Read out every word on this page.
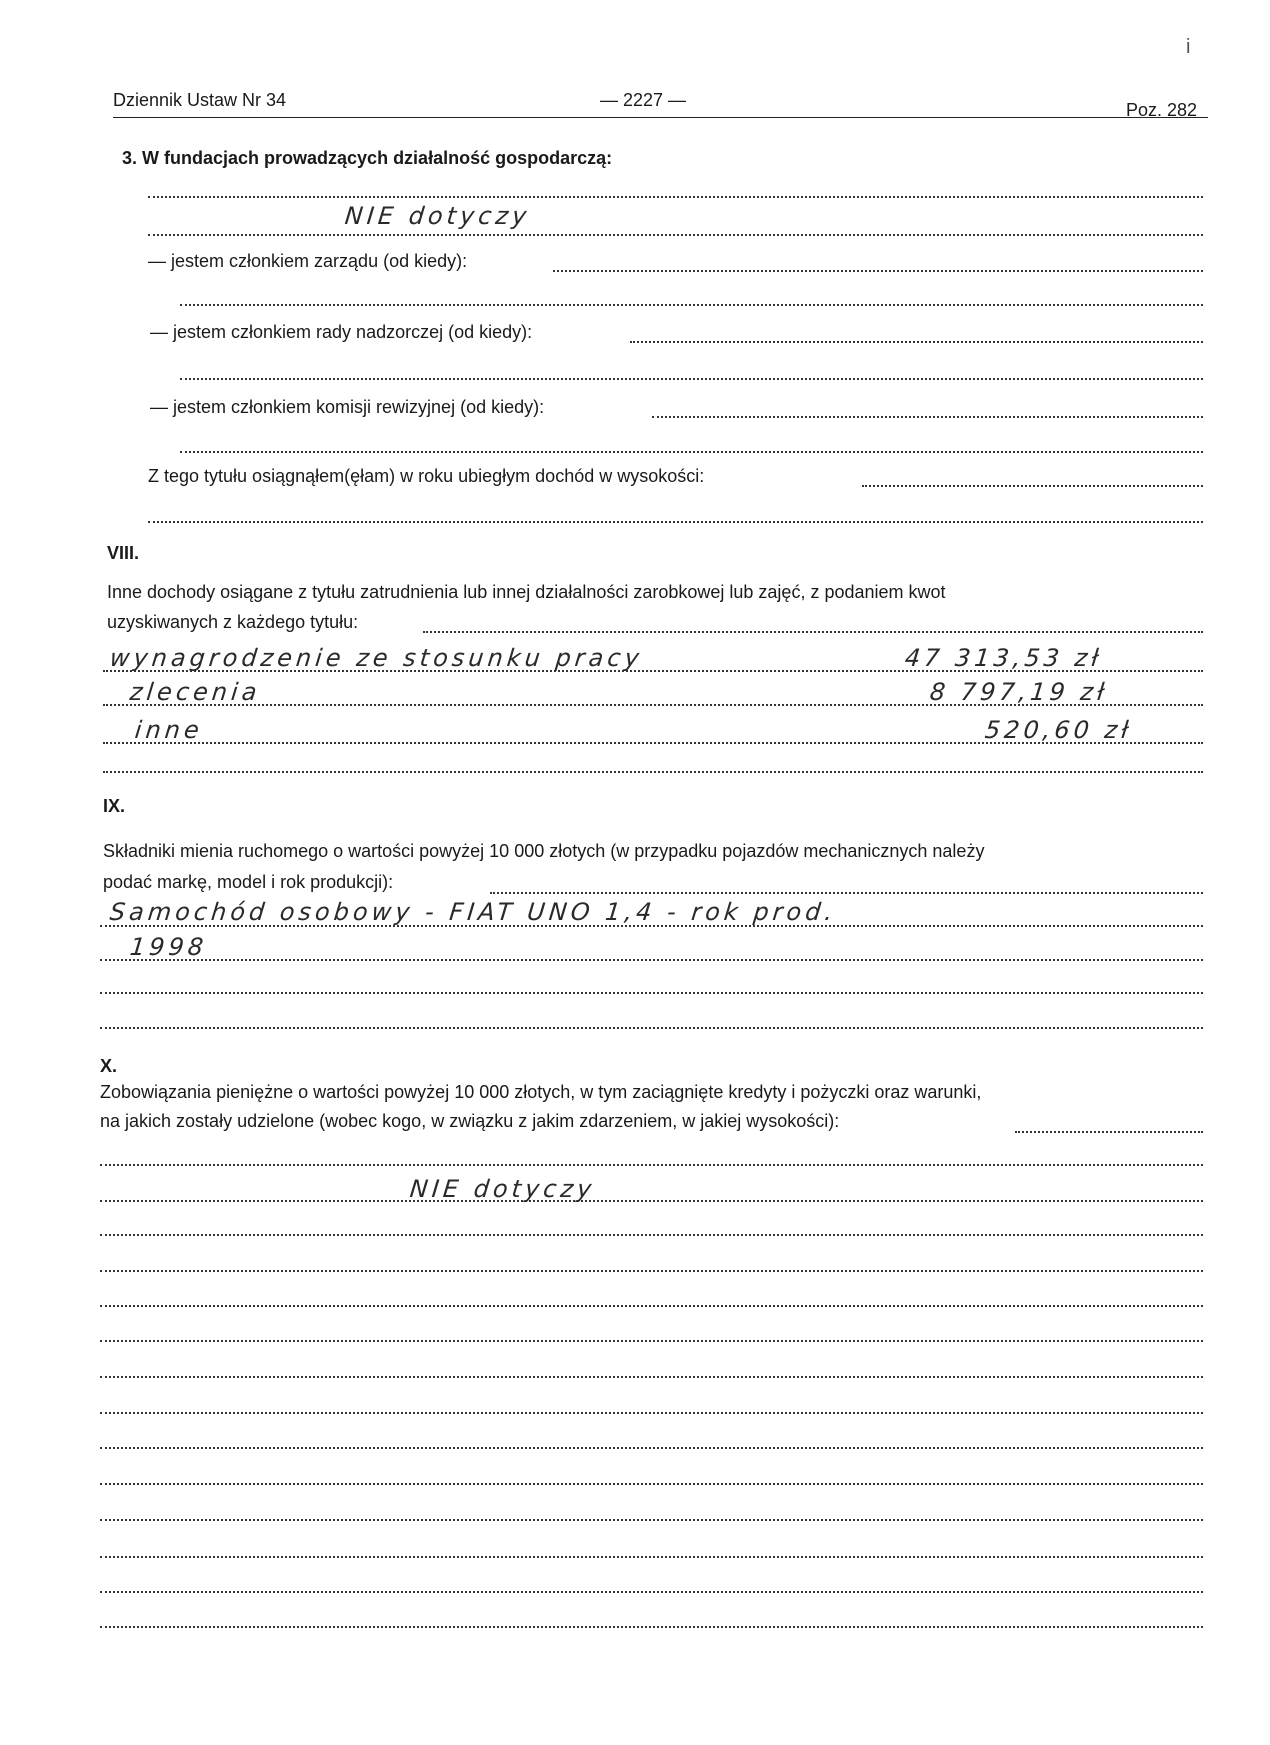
Dziennik Ustaw Nr 34	— 2227 —	Poz. 282
i
3. W fundacjach prowadzących działalność gospodarczą:
NIE dotyczy
— jestem członkiem zarządu (od kiedy):
— jestem członkiem rady nadzorczej (od kiedy):
— jestem członkiem komisji rewizyjnej (od kiedy):
Z tego tytułu osiągnąłem(ęłam) w roku ubiegłym dochód w wysokości:
VIII.
Inne dochody osiągane z tytułu zatrudnienia lub innej działalności zarobkowej lub zajęć, z podaniem kwot
uzyskiwanych z każdego tytułu:
wynagrodzenie ze stosunku pracy	47 313,53 zł
zlecenia	8 797,19 zł
inne	520,60 zł
IX.
Składniki mienia ruchomego o wartości powyżej 10 000 złotych (w przypadku pojazdów mechanicznych należy
podać markę, model i rok produkcji):
Samochód osobowy - FIAT UNO 1,4 - rok prod.
1998
X.
Zobowiązania pieniężne o wartości powyżej 10 000 złotych, w tym zaciągnięte kredyty i pożyczki oraz warunki,
na jakich zostały udzielone (wobec kogo, w związku z jakim zdarzeniem, w jakiej wysokości):
NIE dotyczy
